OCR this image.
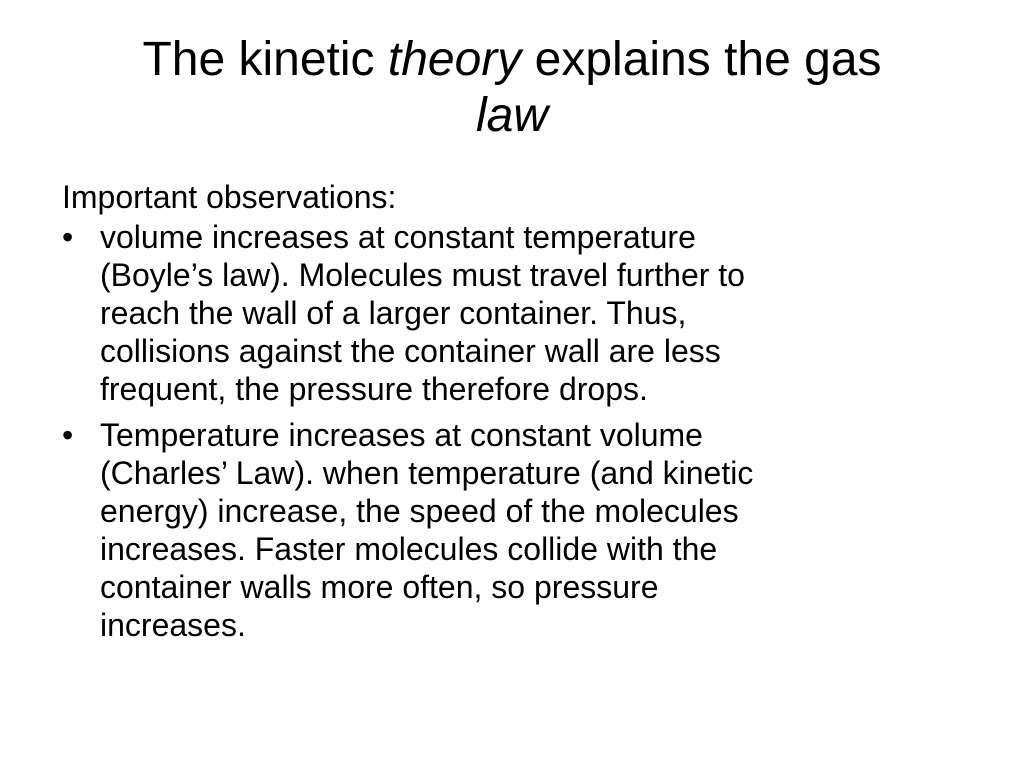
The kinetic theory explains the gas
law

Important observations:

• volume increases at constant temperature
(Boyle’s law). Molecules must travel further to
reach the wall of a larger container. Thus,
collisions against the container wall are less
frequent, the pressure therefore drops.
• Temperature increases at constant volume
(Charles’ Law). when temperature (and kinetic
energy) increase, the speed of the molecules
increases. Faster molecules collide with the
container walls more often, so pressure
increases.
